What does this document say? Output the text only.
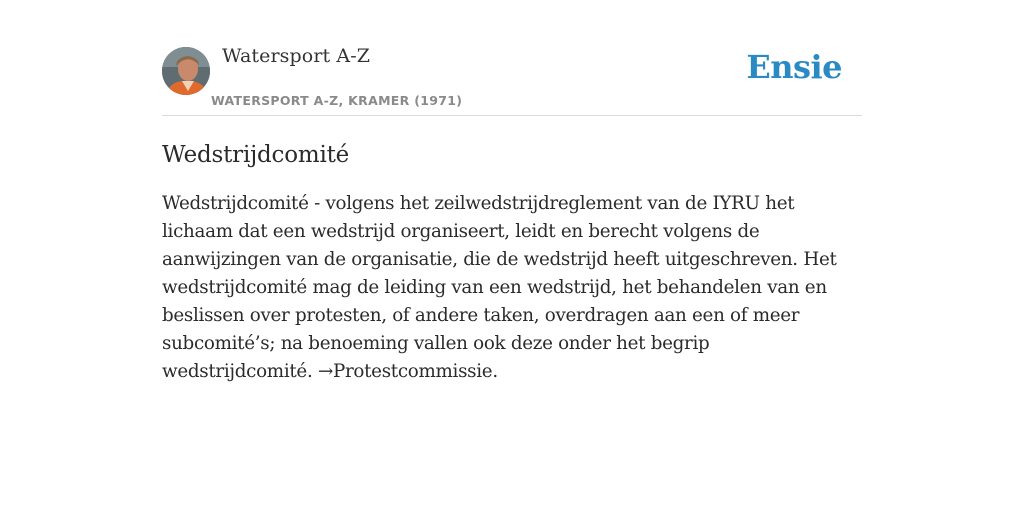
Watersport A-Z
WATERSPORT A-Z, KRAMER (1971)
Ensie
Wedstrijdcomité

Wedstrijdcomité - volgens het zeilwedstrijdreglement van de IYRU het lichaam dat een wedstrijd organiseert, leidt en berecht volgens de aanwijzingen van de organisatie, die de wedstrijd heeft uitgeschreven. Het wedstrijdcomité mag de leiding van een wedstrijd, het behandelen van en beslissen over protesten, of andere taken, overdragen aan een of meer subcomité’s; na benoeming vallen ook deze onder het begrip wedstrijdcomité. →Protestcommissie.
